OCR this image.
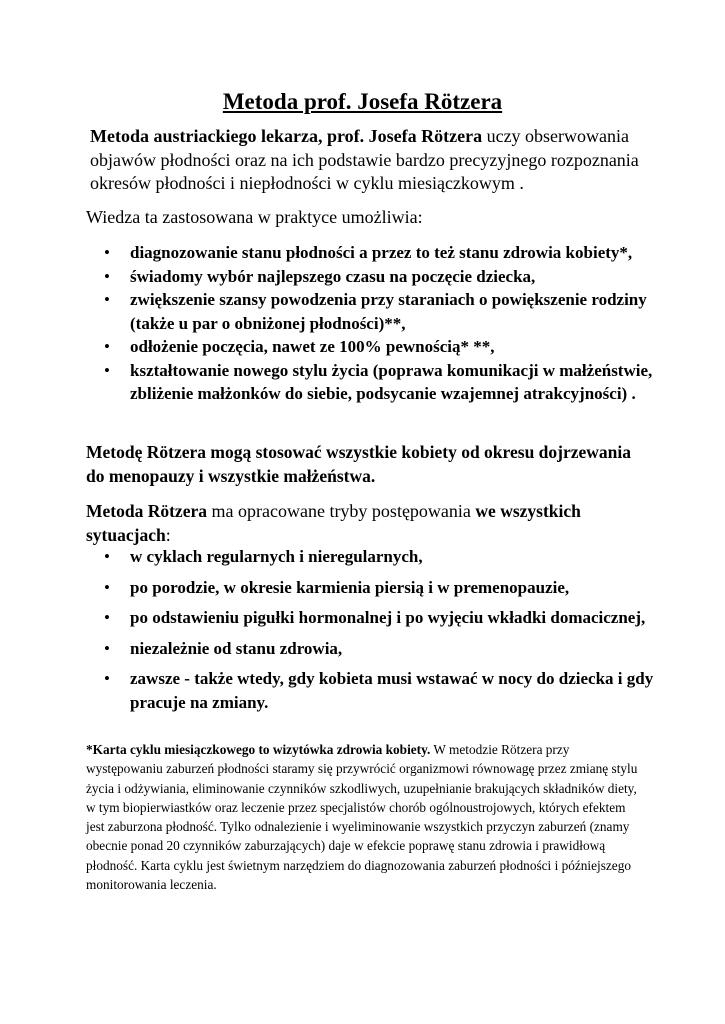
Metoda prof. Josefa Rötzera
Metoda austriackiego lekarza, prof. Josefa Rötzera uczy obserwowania objawów płodności oraz na ich podstawie bardzo precyzyjnego rozpoznania okresów płodności i niepłodności w cyklu miesiączkowym .
Wiedza ta zastosowana w praktyce umożliwia:
• diagnozowanie stanu płodności a przez to też stanu zdrowia kobiety*,
• świadomy wybór najlepszego czasu na poczęcie dziecka,
• zwiększenie szansy powodzenia przy staraniach o powiększenie rodziny (także u par o obniżonej płodności)**,
• odłożenie poczęcia, nawet ze 100% pewnością* **,
• kształtowanie nowego stylu życia (poprawa komunikacji w małżeństwie, zbliżenie małżonków do siebie, podsycanie wzajemnej atrakcyjności) .
Metodę Rötzera mogą stosować wszystkie kobiety od okresu dojrzewania do menopauzy i wszystkie małżeństwa.
Metoda Rötzera ma opracowane tryby postępowania we wszystkich sytuacjach:
• w cyklach regularnych i nieregularnych,
• po porodzie, w okresie karmienia piersią i w premenopauzie,
• po odstawieniu pigułki hormonalnej i po wyjęciu wkładki domacicznej,
• niezależnie od stanu zdrowia,
• zawsze - także wtedy, gdy kobieta musi wstawać w nocy do dziecka i gdy pracuje na zmiany.
*Karta cyklu miesiączkowego to wizytówka zdrowia kobiety. W metodzie Rötzera przy występowaniu zaburzeń płodności staramy się przywrócić organizmowi równowagę przez zmianę stylu życia i odżywiania, eliminowanie czynników szkodliwych, uzupełnianie brakujących składników diety, w tym biopierwiastków oraz leczenie przez specjalistów chorób ogólnoustrojowych, których efektem jest zaburzona płodność. Tylko odnalezienie i wyeliminowanie wszystkich przyczyn zaburzeń (znamy obecnie ponad 20 czynników zaburzających) daje w efekcie poprawę stanu zdrowia i prawidłową płodność. Karta cyklu jest świetnym narzędziem do diagnozowania zaburzeń płodności i późniejszego monitorowania leczenia.
